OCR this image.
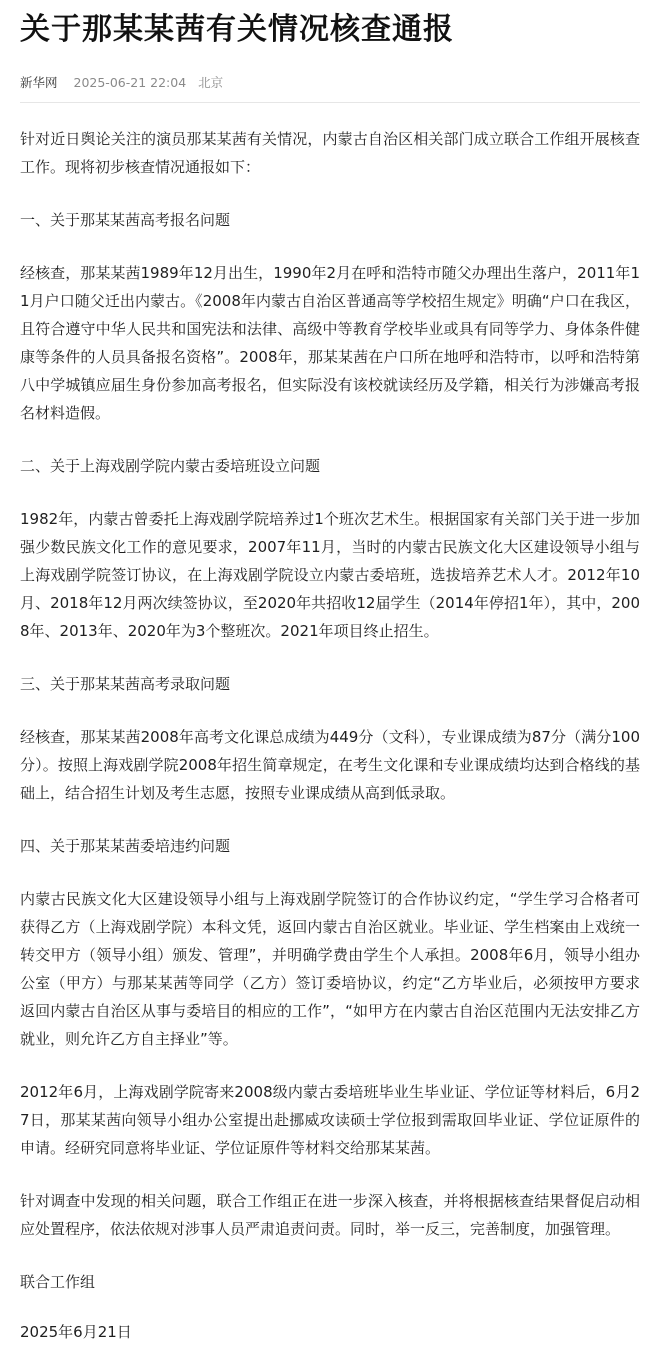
关于那某某茜有关情况核查通报
新华网 2025-06-21 22:04 北京

针对近日舆论关注的演员那某某茜有关情况，内蒙古自治区相关部门成立联合工作组开展核查工作。现将初步核查情况通报如下：

一、关于那某某茜高考报名问题

经核查，那某某茜1989年12月出生，1990年2月在呼和浩特市随父办理出生落户，2011年11月户口随父迁出内蒙古。《2008年内蒙古自治区普通高等学校招生规定》明确“户口在我区，且符合遵守中华人民共和国宪法和法律、高级中等教育学校毕业或具有同等学力、身体条件健康等条件的人员具备报名资格”。2008年，那某某茜在户口所在地呼和浩特市，以呼和浩特第八中学城镇应届生身份参加高考报名，但实际没有该校就读经历及学籍，相关行为涉嫌高考报名材料造假。

二、关于上海戏剧学院内蒙古委培班设立问题

1982年，内蒙古曾委托上海戏剧学院培养过1个班次艺术生。根据国家有关部门关于进一步加强少数民族文化工作的意见要求，2007年11月，当时的内蒙古民族文化大区建设领导小组与上海戏剧学院签订协议，在上海戏剧学院设立内蒙古委培班，选拔培养艺术人才。2012年10月、2018年12月两次续签协议，至2020年共招收12届学生（2014年停招1年），其中，2008年、2013年、2020年为3个整班次。2021年项目终止招生。

三、关于那某某茜高考录取问题

经核查，那某某茜2008年高考文化课总成绩为449分（文科），专业课成绩为87分（满分100分）。按照上海戏剧学院2008年招生简章规定，在考生文化课和专业课成绩均达到合格线的基础上，结合招生计划及考生志愿，按照专业课成绩从高到低录取。

四、关于那某某茜委培违约问题

内蒙古民族文化大区建设领导小组与上海戏剧学院签订的合作协议约定，“学生学习合格者可获得乙方（上海戏剧学院）本科文凭，返回内蒙古自治区就业。毕业证、学生档案由上戏统一转交甲方（领导小组）颁发、管理”，并明确学费由学生个人承担。2008年6月，领导小组办公室（甲方）与那某某茜等同学（乙方）签订委培协议，约定“乙方毕业后，必须按甲方要求返回内蒙古自治区从事与委培目的相应的工作”，“如甲方在内蒙古自治区范围内无法安排乙方就业，则允许乙方自主择业”等。

2012年6月，上海戏剧学院寄来2008级内蒙古委培班毕业生毕业证、学位证等材料后，6月27日，那某某茜向领导小组办公室提出赴挪威攻读硕士学位报到需取回毕业证、学位证原件的申请。经研究同意将毕业证、学位证原件等材料交给那某某茜。

针对调查中发现的相关问题，联合工作组正在进一步深入核查，并将根据核查结果督促启动相应处置程序，依法依规对涉事人员严肃追责问责。同时，举一反三，完善制度，加强管理。

联合工作组

2025年6月21日
